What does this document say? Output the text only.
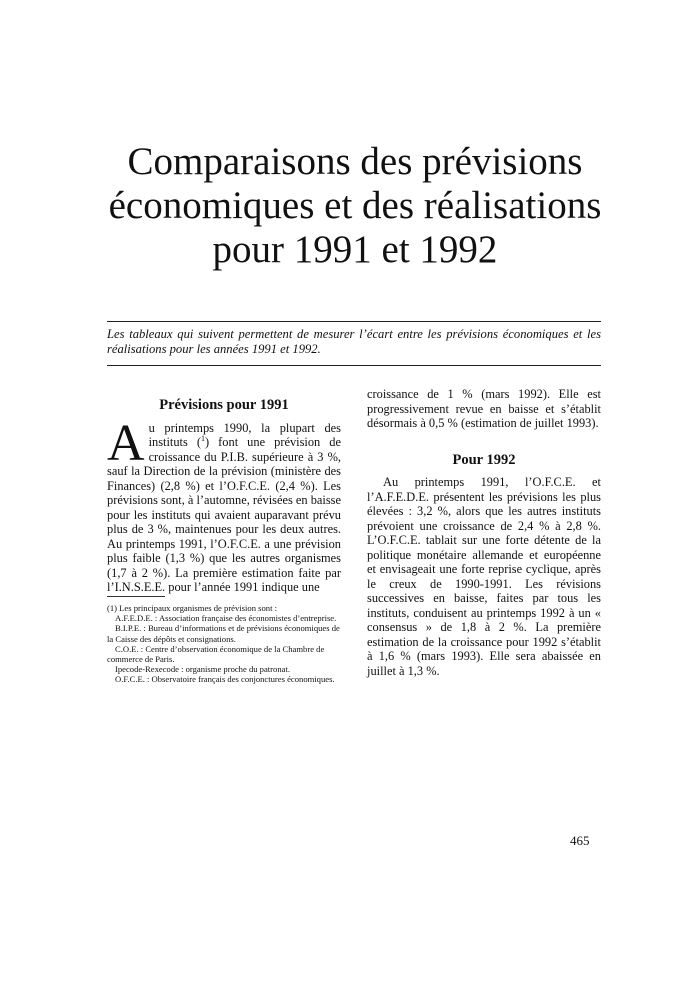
Comparaisons des prévisions
économiques et des réalisations
pour 1991 et 1992

Les tableaux qui suivent permettent de mesurer l’écart entre les prévisions économiques et les réalisations pour les années 1991 et 1992.

Prévisions pour 1991

Au printemps 1990, la plupart des instituts ($^1$) font une prévision de croissance du P.I.B. supérieure à 3 %, sauf la Direction de la prévision (ministère des Finances) (2,8 %) et l’O.F.C.E. (2,4 %). Les prévisions sont, à l’automne, révisées en baisse pour les instituts qui avaient auparavant prévu plus de 3 %, maintenues pour les deux autres. Au printemps 1991, l’O.F.C.E. a une prévision plus faible (1,3 %) que les autres organismes (1,7 à 2 %). La première estimation faite par l’I.N.S.E.E. pour l’année 1991 indique une

(1) Les principaux organismes de prévision sont :
A.F.E.D.E. : Association française des économistes d’entreprise.
B.I.P.E. : Bureau d’informations et de prévisions économiques de la Caisse des dépôts et consignations.
C.O.E. : Centre d’observation économique de la Chambre de commerce de Paris.
Ipecode-Rexecode : organisme proche du patronat.
O.F.C.E. : Observatoire français des conjonctures économiques.

croissance de 1 % (mars 1992). Elle est progressivement revue en baisse et s’établit désormais à 0,5 % (estimation de juillet 1993).

Pour 1992

Au printemps 1991, l’O.F.C.E. et l’A.F.E.D.E. présentent les prévisions les plus élevées : 3,2 %, alors que les autres instituts prévoient une croissance de 2,4 % à 2,8 %. L’O.F.C.E. tablait sur une forte détente de la politique monétaire allemande et européenne et envisageait une forte reprise cyclique, après le creux de 1990-1991. Les révisions successives en baisse, faites par tous les instituts, conduisent au printemps 1992 à un « consensus » de 1,8 à 2 %. La première estimation de la croissance pour 1992 s’établit à 1,6 % (mars 1993). Elle sera abaissée en juillet à 1,3 %.

465
